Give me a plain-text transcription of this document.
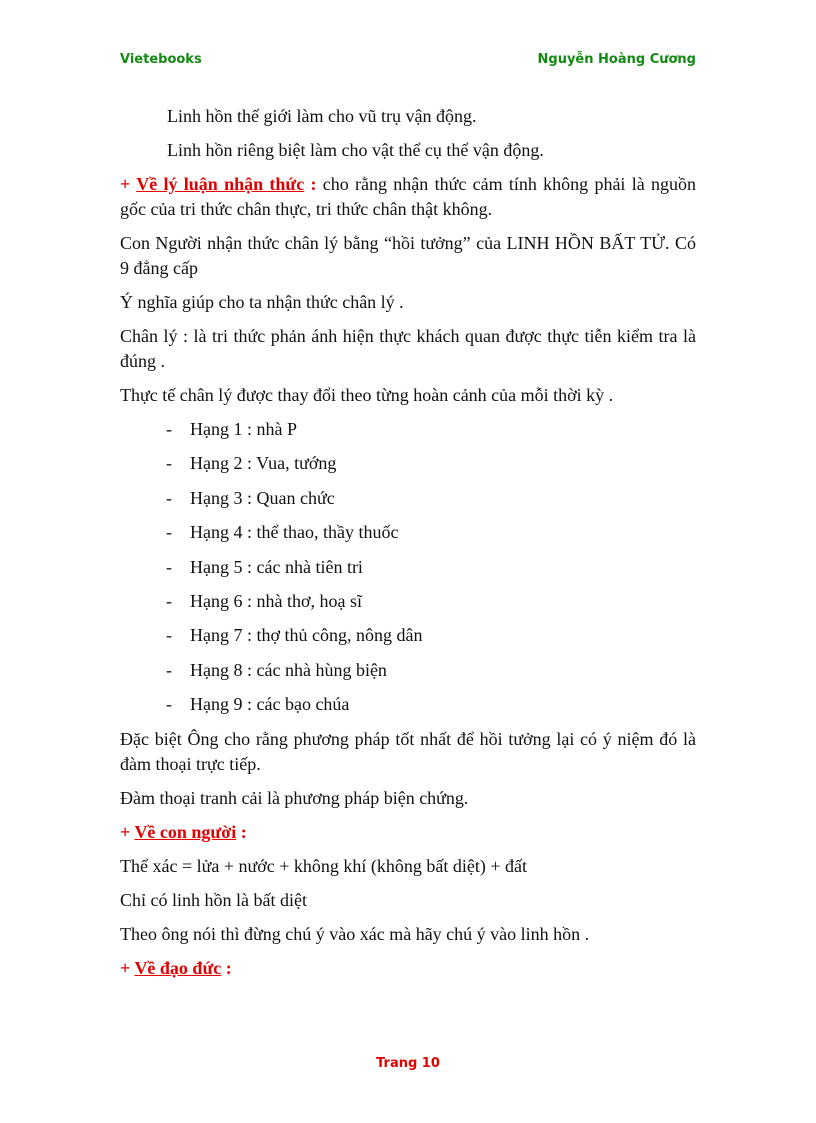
Vietebooks	Nguyễn Hoàng Cương
Linh hồn thế giới làm cho vũ trụ vận động.
Linh hồn riêng biệt làm cho vật thể cụ thể vận động.

+ Về lý luận nhận thức : cho rằng nhận thức cảm tính không phải là nguồn gốc của tri thức chân thực, tri thức chân thật không.

Con Người nhận thức chân lý bằng “hồi tưởng” của LINH HỒN BẤT TỬ. Có 9 đẳng cấp

Ý nghĩa giúp cho ta nhận thức chân lý .

Chân lý : là tri thức phản ánh hiện thực khách quan được thực tiễn kiểm tra là đúng .

Thực tế chân lý được thay đổi theo từng hoàn cảnh của mỗi thời kỳ .

-	Hạng 1 : nhà P
-	Hạng 2 : Vua, tướng
-	Hạng 3 : Quan chức
-	Hạng 4 : thể thao, thầy thuốc
-	Hạng 5 : các nhà tiên tri
-	Hạng 6 : nhà thơ, hoạ sĩ
-	Hạng 7 : thợ thủ công, nông dân
-	Hạng 8 : các nhà hùng biện
-	Hạng 9 : các bạo chúa

Đặc biệt Ông cho rằng phương pháp tốt nhất để hồi tưởng lại có ý niệm đó là đàm thoại trực tiếp.

Đàm thoại tranh cải là phương pháp biện chứng.

+ Về con người :

Thể xác = lửa + nước + không khí (không bất diệt) + đất

Chỉ có linh hồn là bất diệt

Theo ông nói thì đừng chú ý vào xác mà hãy chú ý vào linh hồn .

+ Về đạo đức :

Trang 10
